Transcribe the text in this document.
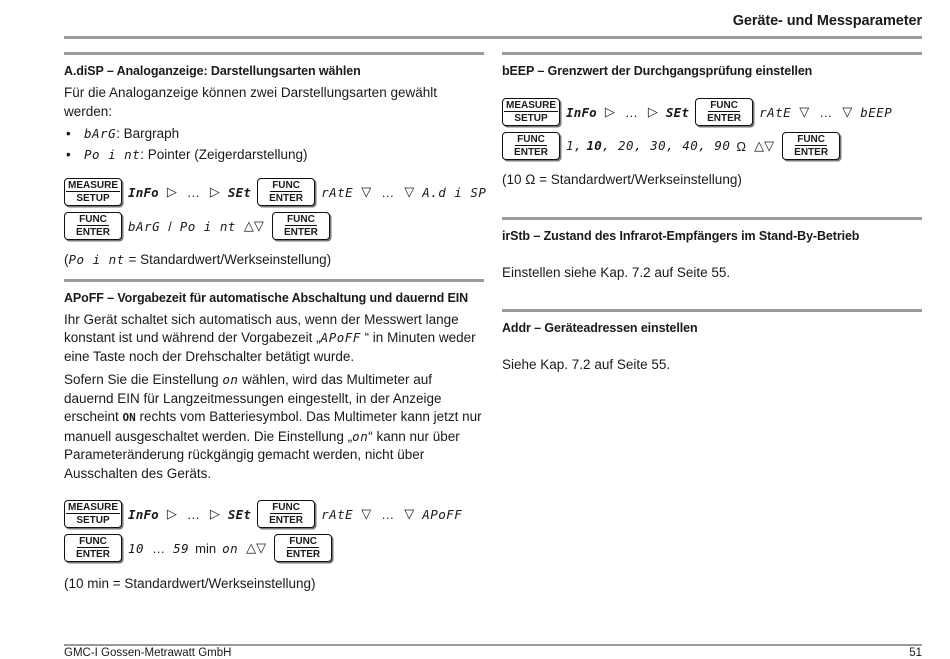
Geräte- und Messparameter
A.diSP – Analoganzeige: Darstellungsarten wählen
Für die Analoganzeige können zwei Darstellungsarten gewählt werden:
• bArG: Bargraph
• Po i nt: Pointer (Zeigerdarstellung)
MEASURE
SETUP InFo ▷ … ▷ SEt FUNC
ENTER rAtE ▽ … ▽ A.d i SP
FUNC
ENTER bArG / Po i nt △▽ FUNC
ENTER
(Po i nt = Standardwert/Werkseinstellung)
APoFF – Vorgabezeit für automatische Abschaltung und dauernd EIN
Ihr Gerät schaltet sich automatisch aus, wenn der Messwert lange konstant ist und während der Vorgabezeit „APoFF “ in Minuten weder eine Taste noch der Drehschalter betätigt wurde.
Sofern Sie die Einstellung on wählen, wird das Multimeter auf dauernd EIN für Langzeitmessungen eingestellt, in der Anzeige erscheint ON rechts vom Batteriesymbol. Das Multimeter kann jetzt nur manuell ausgeschaltet werden. Die Einstellung „on“ kann nur über Parameteränderung rückgängig gemacht werden, nicht über Ausschalten des Geräts.
MEASURE
SETUP InFo ▷ … ▷ SEt FUNC
ENTER rAtE ▽ … ▽ APoFF
FUNC
ENTER 10 … 59 min on △▽ FUNC
ENTER
(10 min = Standardwert/Werkseinstellung)
bEEP – Grenzwert der Durchgangsprüfung einstellen
MEASURE
SETUP InFo ▷ … ▷ SEt FUNC
ENTER rAtE ▽ … ▽ bEEP
FUNC
ENTER 1, 10, 20, 30, 40, 90 Ω △▽ FUNC
ENTER
(10 Ω = Standardwert/Werkseinstellung)
irStb – Zustand des Infrarot-Empfängers im Stand-By-Betrieb
Einstellen siehe Kap. 7.2 auf Seite 55.
Addr – Geräteadressen einstellen
Siehe Kap. 7.2 auf Seite 55.
GMC-I Gossen-Metrawatt GmbH	51
